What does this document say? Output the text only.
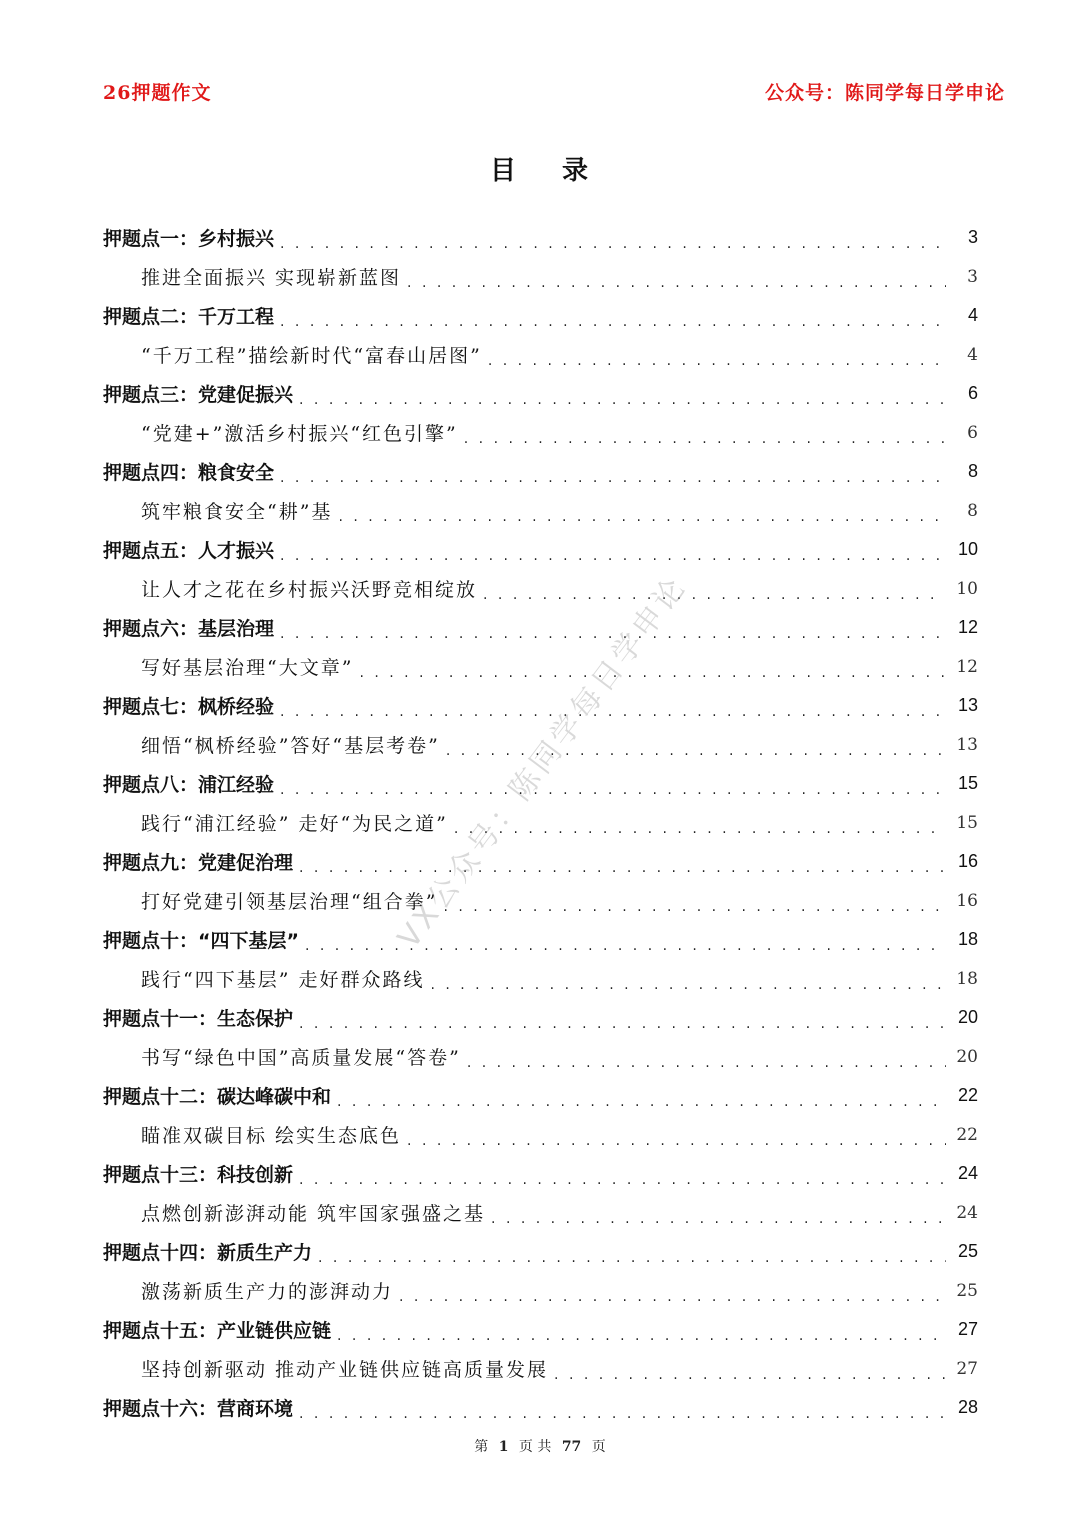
26押题作文	公众号：陈同学每日学申论
目 录
押题点一：乡村振兴 . . .	3
推进全面振兴 实现崭新蓝图 . . .	3
押题点二：千万工程 . . .	4
“千万工程”描绘新时代“富春山居图” . . .	4
押题点三：党建促振兴 . . .	6
“党建+”激活乡村振兴“红色引擎” . . .	6
押题点四：粮食安全 . . .	8
筑牢粮食安全“耕”基 . . .	8
押题点五：人才振兴 . . .	10
让人才之花在乡村振兴沃野竞相绽放 . . .	10
押题点六：基层治理 . . .	12
写好基层治理“大文章” . . .	12
押题点七：枫桥经验 . . .	13
细悟“枫桥经验”答好“基层考卷” . . .	13
押题点八：浦江经验 . . .	15
践行“浦江经验” 走好“为民之道” . . .	15
押题点九：党建促治理 . . .	16
打好党建引领基层治理“组合拳” . . .	16
押题点十：“四下基层” . . .	18
践行“四下基层” 走好群众路线 . . .	18
押题点十一：生态保护 . . .	20
书写“绿色中国”高质量发展“答卷” . . .	20
押题点十二：碳达峰碳中和 . . .	22
瞄准双碳目标 绘实生态底色 . . .	22
押题点十三：科技创新 . . .	24
点燃创新澎湃动能 筑牢国家强盛之基 . . .	24
押题点十四：新质生产力 . . .	25
激荡新质生产力的澎湃动力 . . .	25
押题点十五：产业链供应链 . . .	27
坚持创新驱动 推动产业链供应链高质量发展 . . .	27
押题点十六：营商环境 . . .	28
第 1 页 共 77 页
VX公众号：陈同学每日学申论
